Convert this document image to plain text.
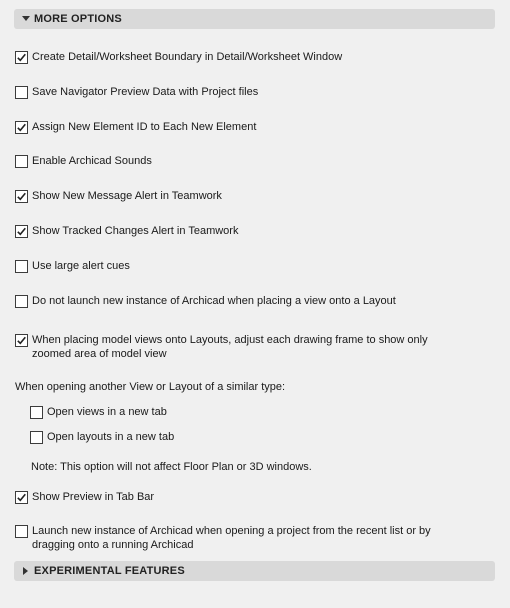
MORE OPTIONS
Create Detail/Worksheet Boundary in Detail/Worksheet Window
Save Navigator Preview Data with Project files
Assign New Element ID to Each New Element
Enable Archicad Sounds
Show New Message Alert in Teamwork
Show Tracked Changes Alert in Teamwork
Use large alert cues
Do not launch new instance of Archicad when placing a view onto a Layout
When placing model views onto Layouts, adjust each drawing frame to show only
zoomed area of model view
When opening another View or Layout of a similar type:
Open views in a new tab
Open layouts in a new tab
Note: This option will not affect Floor Plan or 3D windows.
Show Preview in Tab Bar
Launch new instance of Archicad when opening a project from the recent list or by
dragging onto a running Archicad
EXPERIMENTAL FEATURES
